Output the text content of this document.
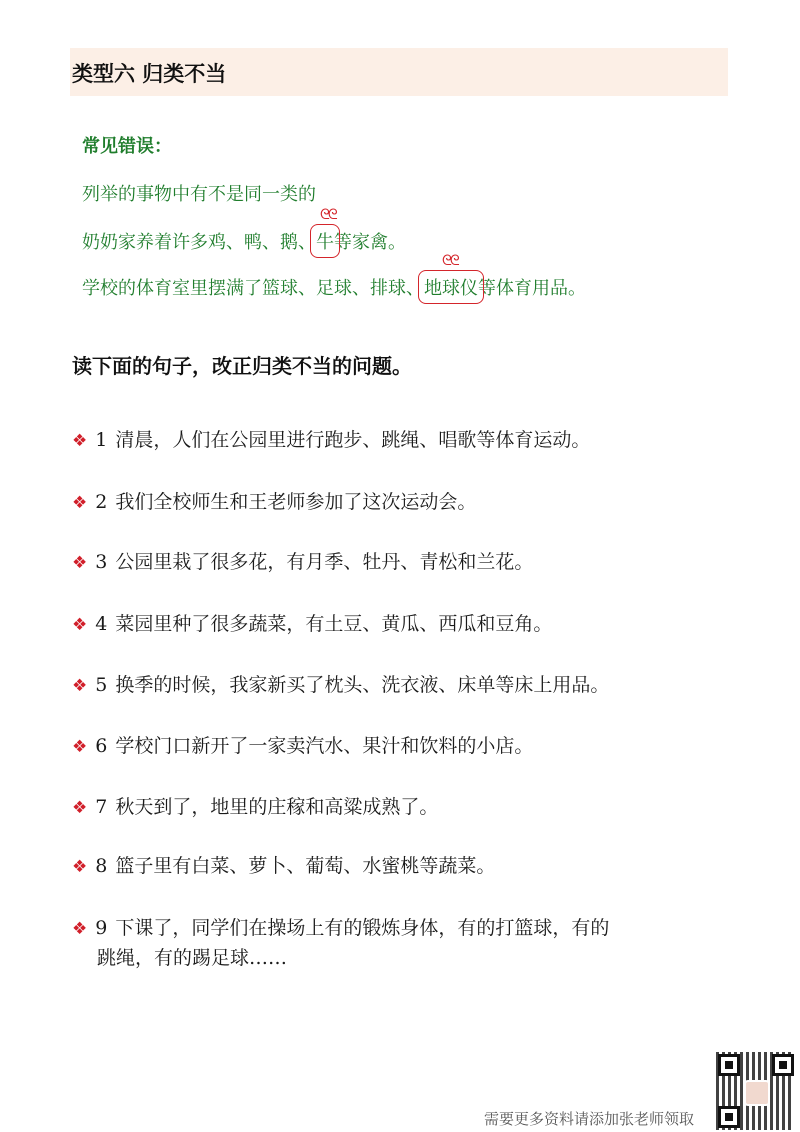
类型六 归类不当
常见错误：
列举的事物中有不是同一类的
奶奶家养着许多鸡、鸭、鹅、牛
ᘓᘓ
等家禽。
学校的体育室里摆满了篮球、足球、排球、地球仪
ᘓᘓ
等体育用品。
读下面的句子，改正归类不当的问题。
❖ 1 清晨，人们在公园里进行跑步、跳绳、唱歌等体育运动。
❖ 2 我们全校师生和王老师参加了这次运动会。
❖ 3 公园里栽了很多花，有月季、牡丹、青松和兰花。
❖ 4 菜园里种了很多蔬菜，有土豆、黄瓜、西瓜和豆角。
❖ 5 换季的时候，我家新买了枕头、洗衣液、床单等床上用品。
❖ 6 学校门口新开了一家卖汽水、果汁和饮料的小店。
❖ 7 秋天到了，地里的庄稼和高粱成熟了。
❖ 8 篮子里有白菜、萝卜、葡萄、水蜜桃等蔬菜。
❖ 9 下课了，同学们在操场上有的锻炼身体，有的打篮球，有的
跳绳，有的踢足球……
需要更多资料请添加张老师领取
